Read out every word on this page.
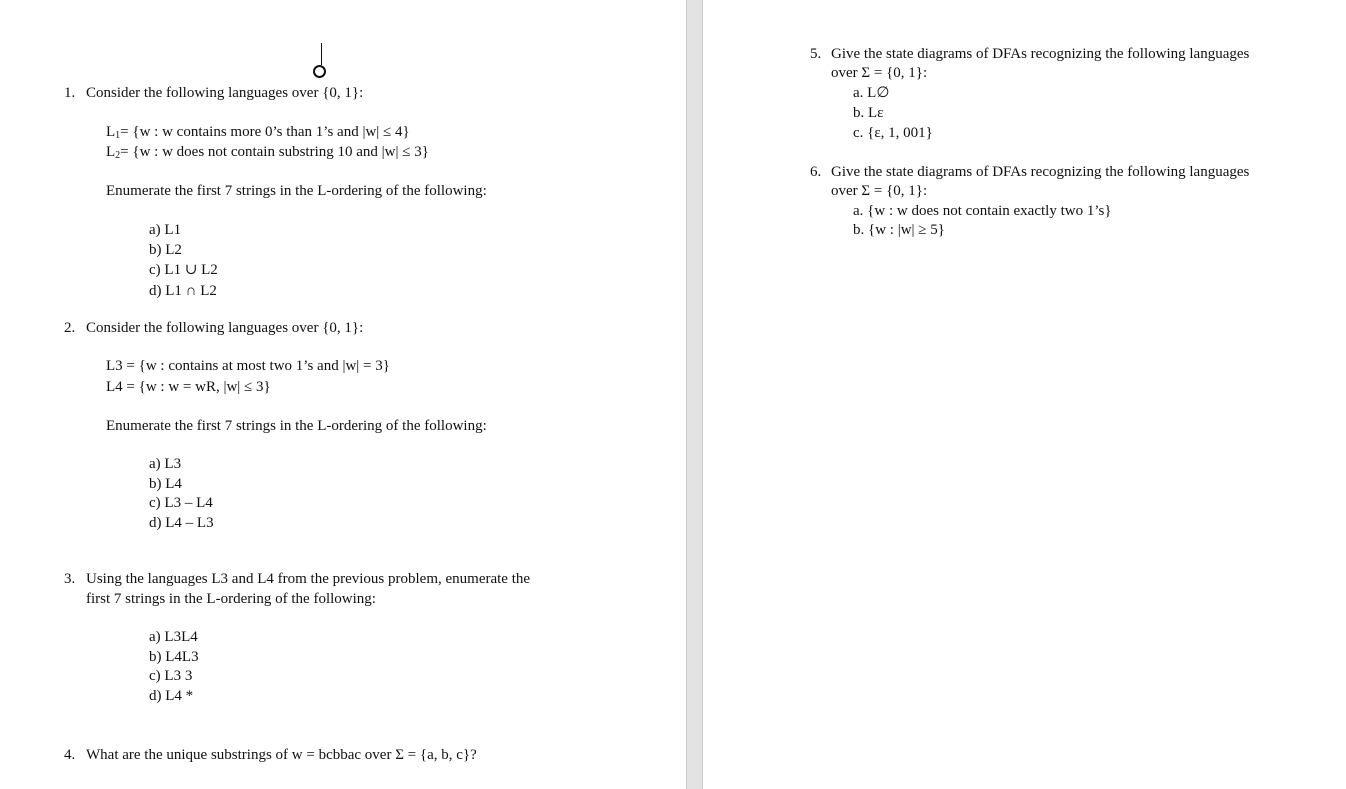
1. Consider the following languages over {0, 1}:
$L_1= \{w$ : w contains more 0’s than 1’s and |w| ≤ 4}
$L_2= \{w$ : w does not contain substring 10 and |w| ≤ 3}
Enumerate the first 7 strings in the L-ordering of the following:
a) L1
b) L2
c) L1 ∪ L2
d) L1 ∩ L2
2. Consider the following languages over {0, 1}:
L3 = {w : contains at most two 1’s and |w| = 3}
L4 = {w : w = wR, |w| ≤ 3}
Enumerate the first 7 strings in the L-ordering of the following:
a) L3
b) L4
c) L3 – L4
d) L4 – L3
3. Using the languages L3 and L4 from the previous problem, enumerate the
first 7 strings in the L-ordering of the following:
a) L3L4
b) L4L3
c) L3 3
d) L4 *
4. What are the unique substrings of w = bcbbac over Σ = {a, b, c}?
5. Give the state diagrams of DFAs recognizing the following languages
over Σ = {0, 1}:
a. L∅
b. Lε
c. {ε, 1, 001}
6. Give the state diagrams of DFAs recognizing the following languages
over Σ = {0, 1}:
a. {w : w does not contain exactly two 1’s}
b. {w : |w| ≥ 5}
